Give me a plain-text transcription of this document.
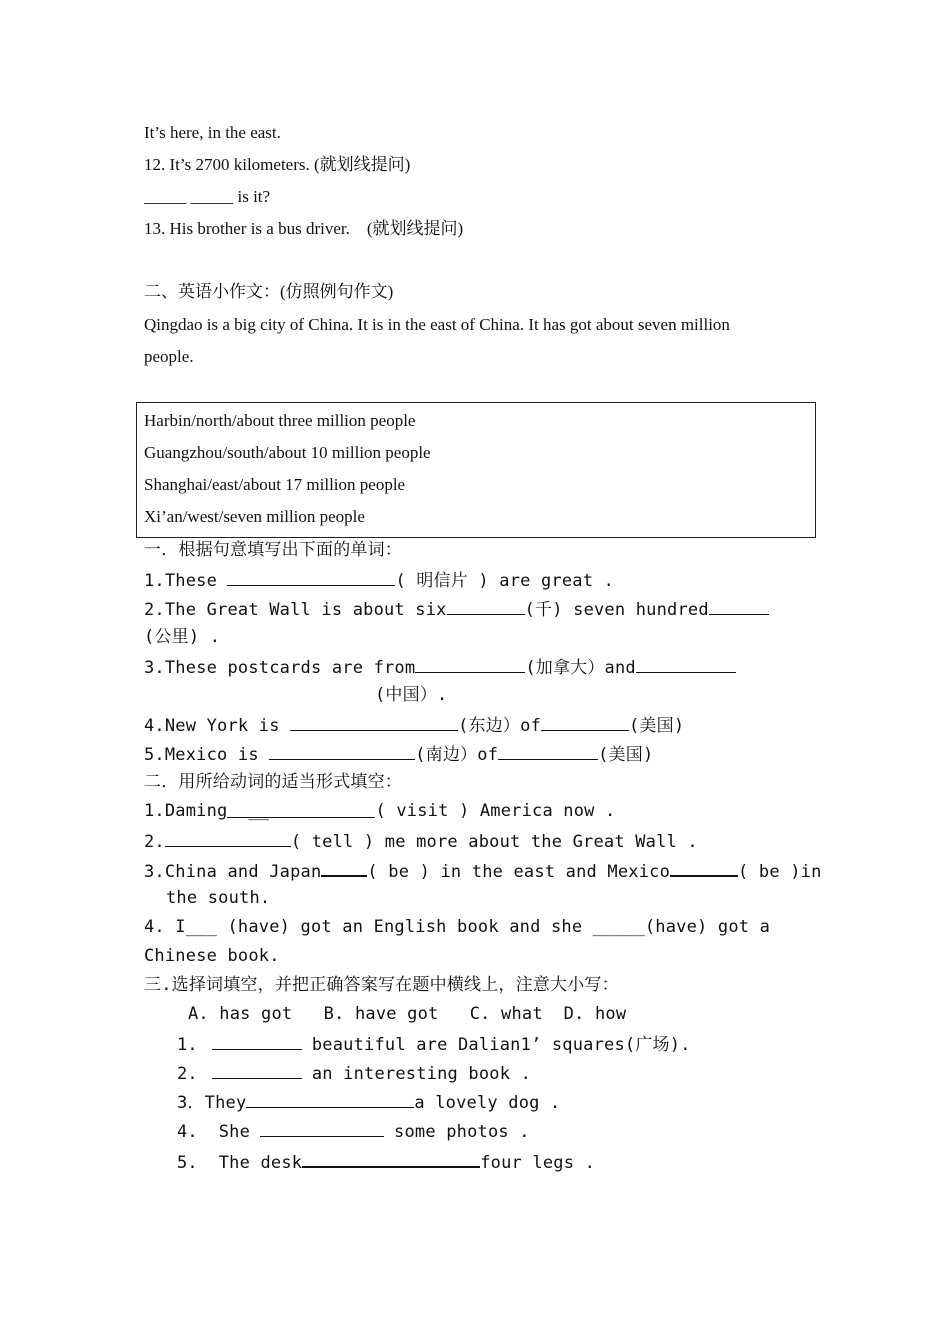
It’s here, in the east.
12. It’s 2700 kilometers. (就划线提问)
_____ _____ is it?
13. His brother is a bus driver.    (就划线提问)
二、英语小作文：(仿照例句作文)
Qingdao is a big city of China. It is in the east of China. It has got about seven million
people.
Harbin/north/about three million people
Guangzhou/south/about 10 million people
Shanghai/east/about 17 million people
Xi’an/west/seven million people
一．根据句意填写出下面的单词：
1.These	( 明信片 ) are great .
2.The Great Wall is about six	(千) seven hundred
(公里) .
3.These postcards are from	(加拿大）and
(中国）.
4.New York is	(东边）of	(美国)
5.Mexico is	(南边）of	(美国)
二．用所给动词的适当形式填空：
1.Daming  __	( visit ) America now .
2.	( tell ) me more about the Great Wall .
3.China and Japan	( be ) in the east and Mexico	( be )in
the south.
4. I___ (have) got an English book and she _____(have) got a
Chinese book.
三.选择词填空，并把正确答案写在题中横线上，注意大小写：
A. has got   B. have got   C. what  D. how
1.	beautiful are Dalian1’ squares(广场).
2.	an interesting book .
3．They	a lovely dog .
4.  She	some photos .
5.  The desk	four legs .
